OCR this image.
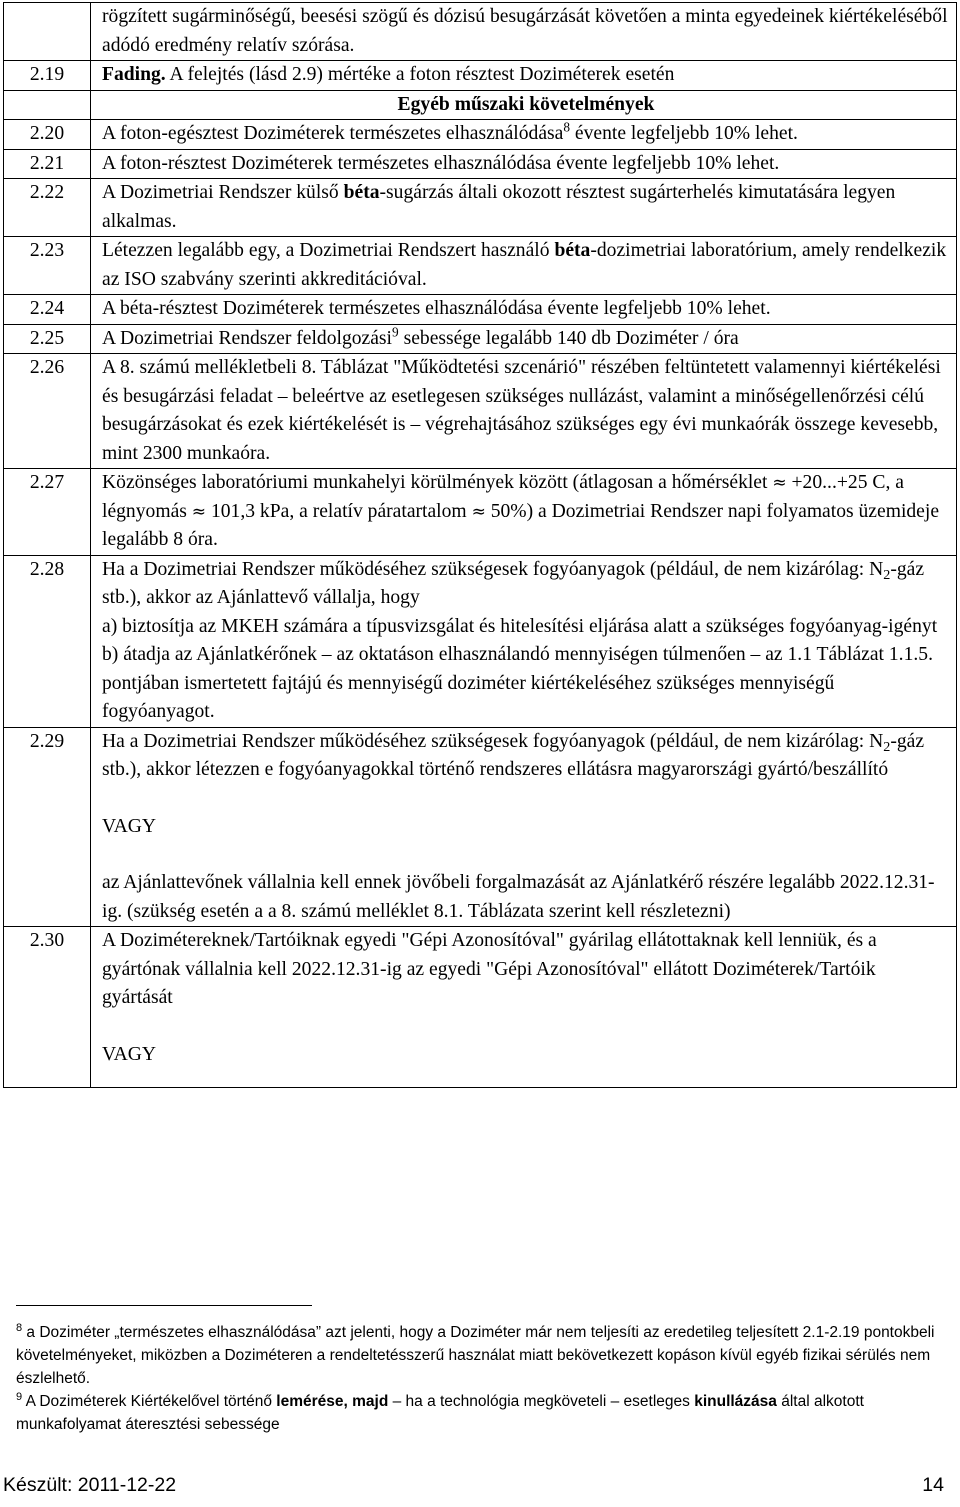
	rögzített sugárminőségű, beesési szögű és dózisú besugárzását követően a minta egyedeinek kiértékeléséből adódó eredmény relatív szórása.
2.19	Fading. A felejtés (lásd 2.9) mértéke a foton résztest Doziméterek esetén
	Egyéb műszaki követelmények
2.20	A foton-egésztest Doziméterek természetes elhasználódása$^8$ évente legfeljebb 10% lehet.
2.21	A foton-résztest Doziméterek természetes elhasználódása évente legfeljebb 10% lehet.
2.22	A Dozimetriai Rendszer külső béta-sugárzás általi okozott résztest sugárterhelés kimutatására legyen alkalmas.
2.23	Létezzen legalább egy, a Dozimetriai Rendszert használó béta-dozimetriai laboratórium, amely rendelkezik az ISO szabvány szerinti akkreditációval.
2.24	A béta-résztest Doziméterek természetes elhasználódása évente legfeljebb 10% lehet.
2.25	A Dozimetriai Rendszer feldolgozási$^9$ sebessége legalább 140 db Doziméter / óra
2.26	A 8. számú mellékletbeli 8. Táblázat "Működtetési szcenárió" részében feltüntetett valamennyi kiértékelési és besugárzási feladat – beleértve az esetlegesen szükséges nullázást, valamint a minőségellenőrzési célú besugárzásokat és ezek kiértékelését is – végrehajtásához szükséges egy évi munkaórák összege kevesebb, mint 2300 munkaóra.
2.27	Közönséges laboratóriumi munkahelyi körülmények között (átlagosan a hőmérséklet ≈ +20...+25 C, a légnyomás ≈ 101,3 kPa, a relatív páratartalom ≈ 50%) a Dozimetriai Rendszer napi folyamatos üzemideje legalább 8 óra.
2.28	Ha a Dozimetriai Rendszer működéséhez szükségesek fogyóanyagok (például, de nem kizárólag: $N_2$-gáz stb.), akkor az Ajánlattevő vállalja, hogy
a) biztosítja az MKEH számára a típusvizsgálat és hitelesítési eljárása alatt a szükséges fogyóanyag-igényt
b) átadja az Ajánlatkérőnek – az oktatáson elhasználandó mennyiségen túlmenően – az 1.1 Táblázat 1.1.5. pontjában ismertetett fajtájú és mennyiségű doziméter kiértékeléséhez szükséges mennyiségű fogyóanyagot.
2.29	Ha a Dozimetriai Rendszer működéséhez szükségesek fogyóanyagok (például, de nem kizárólag: $N_2$-gáz stb.), akkor létezzen e fogyóanyagokkal történő rendszeres ellátásra magyarországi gyártó/beszállító
VAGY
az Ajánlattevőnek vállalnia kell ennek jövőbeli forgalmazását az Ajánlatkérő részére legalább 2022.12.31-ig. (szükség esetén a a 8. számú melléklet 8.1. Táblázata szerint kell részletezni)
2.30	A Dozimétereknek/Tartóiknak egyedi "Gépi Azonosítóval" gyárilag ellátottaknak kell lenniük, és a gyártónak vállalnia kell 2022.12.31-ig az egyedi "Gépi Azonosítóval" ellátott Doziméterek/Tartóik gyártását
VAGY
$^8$ a Doziméter „természetes elhasználódása” azt jelenti, hogy a Doziméter már nem teljesíti az eredetileg teljesített 2.1-2.19 pontokbeli követelményeket, miközben a Doziméteren a rendeltetésszerű használat miatt bekövetkezett kopáson kívül egyéb fizikai sérülés nem észlelhető.
$^9$ A Doziméterek Kiértékelővel történő lemérése, majd – ha a technológia megköveteli – esetleges kinullázása által alkotott munkafolyamat áteresztési sebessége
Készült: 2011-12-22	14
